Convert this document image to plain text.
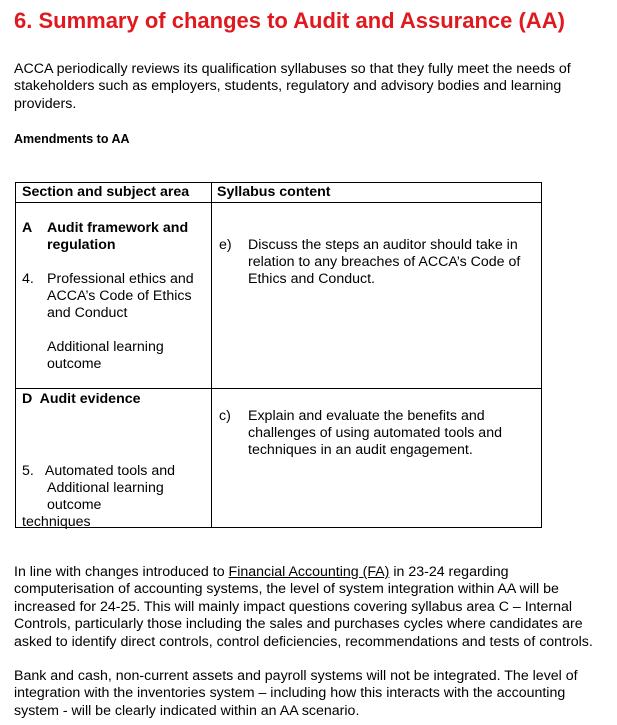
6. Summary of changes to Audit and Assurance (AA)
ACCA periodically reviews its qualification syllabuses so that they fully meet the needs of
stakeholders such as employers, students, regulatory and advisory bodies and learning
providers.
Amendments to AA
Section and subject area Syllabus content
A Audit framework and
regulation
4. Professional ethics and
ACCA’s Code of Ethics
and Conduct
Additional learning
outcome
e) Discuss the steps an auditor should take in
relation to any breaches of ACCA’s Code of
Ethics and Conduct.
D  Audit evidence

5.   Automated tools and

techniques

Additional learning
outcome
c) Explain and evaluate the benefits and
challenges of using automated tools and
techniques in an audit engagement.
In line with changes introduced to Financial Accounting (FA) in 23-24 regarding
computerisation of accounting systems, the level of system integration within AA will be
increased for 24-25. This will mainly impact questions covering syllabus area C – Internal
Controls, particularly those including the sales and purchases cycles where candidates are
asked to identify direct controls, control deficiencies, recommendations and tests of controls.
Bank and cash, non-current assets and payroll systems will not be integrated. The level of
integration with the inventories system – including how this interacts with the accounting
system - will be clearly indicated within an AA scenario.
